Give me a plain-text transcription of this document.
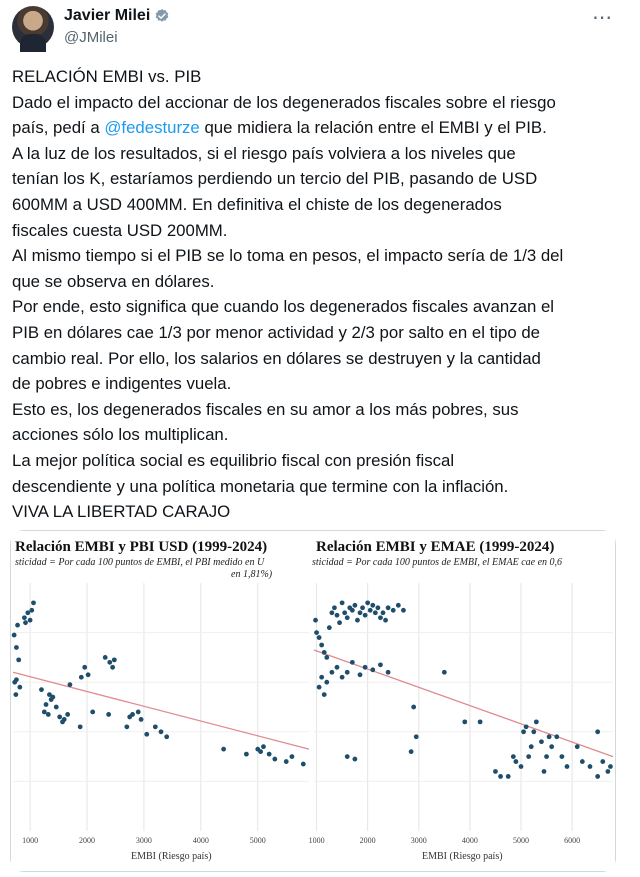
Javier Milei
@JMilei
⋯
RELACIÓN EMBI vs. PIB
Dado el impacto del accionar de los degenerados fiscales sobre el riesgo
país, pedí a @fedesturze que midiera la relación entre el EMBI y el PIB.
A la luz de los resultados, si el riesgo país volviera a los niveles que
tenían los K, estaríamos perdiendo un tercio del PIB, pasando de USD
600MM a USD 400MM. En definitiva el chiste de los degenerados
fiscales cuesta USD 200MM.
Al mismo tiempo si el PIB se lo toma en pesos, el impacto sería de 1/3 del
que se observa en dólares.
Por ende, esto significa que cuando los degenerados fiscales avanzan el
PIB en dólares cae 1/3 por menor actividad y 2/3 por salto en el tipo de
cambio real. Por ello, los salarios en dólares se destruyen y la cantidad
de pobres e indigentes vuela.
Esto es, los degenerados fiscales en su amor a los más pobres, sus
acciones sólo los multiplican.
La mejor política social es equilibrio fiscal con presión fiscal
descendiente y una política monetaria que termine con la inflación.
VIVA LA LIBERTAD CARAJO
Relación EMBI y PBI USD (1999-2024)
sticidad = Por cada 100 puntos de EMBI, el PBI medido en U
en 1,81%)
1000	2000	3000	4000	5000
EMBI (Riesgo país)
Relación EMBI y EMAE (1999-2024)
sticidad = Por cada 100 puntos de EMBI, el EMAE cae en 0,6
1000	2000	3000	4000	5000	6000
EMBI (Riesgo país)
